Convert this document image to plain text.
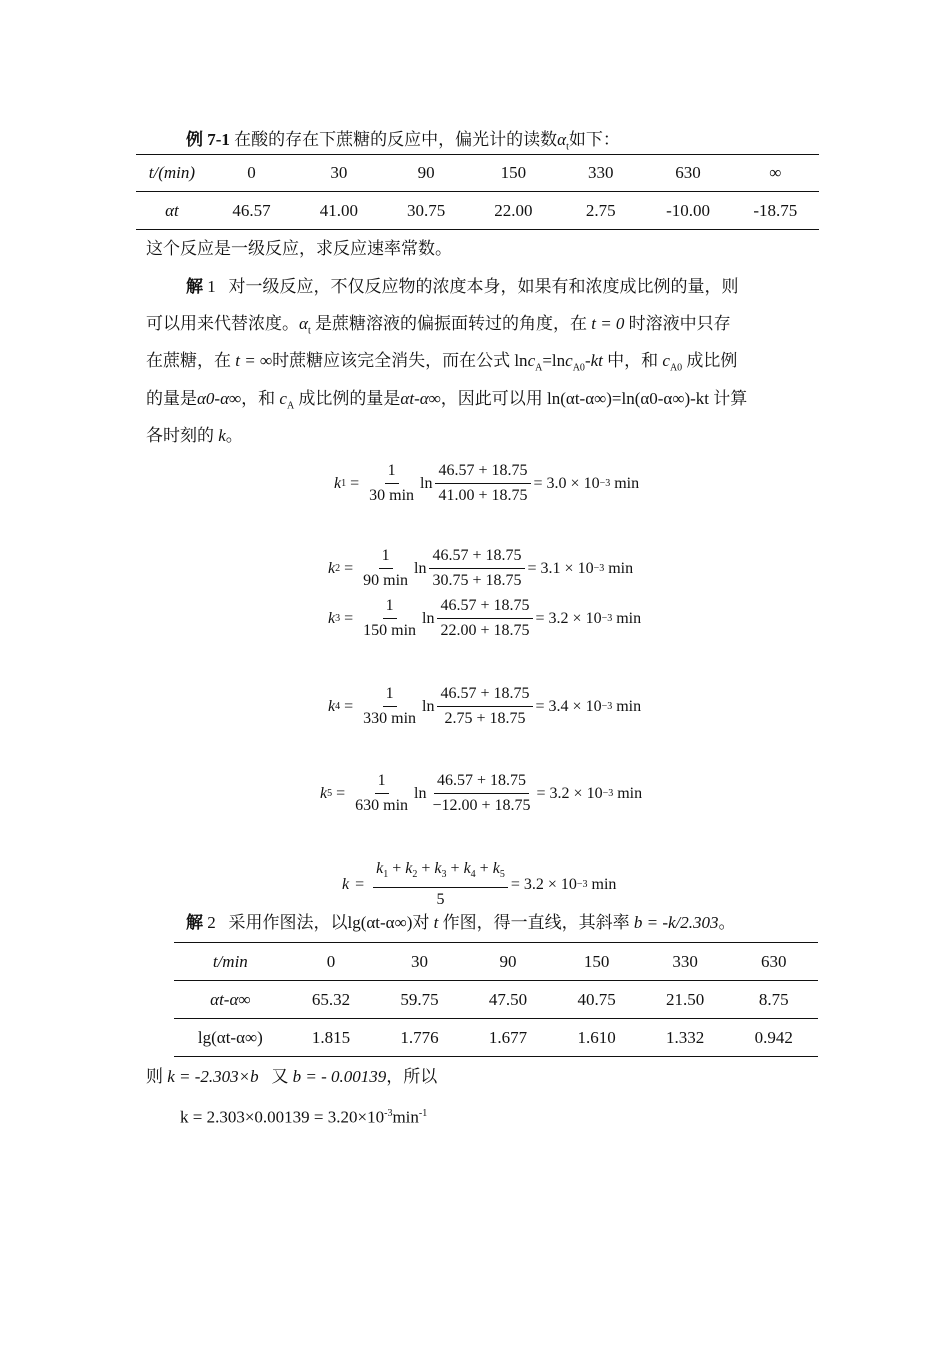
例 7-1 在酸的存在下蔗糖的反应中，偏光计的读数$\alpha_t$如下：
t/(min)	0	30	90	150	330	630	∞
αt	46.57	41.00	30.75	22.00	2.75	-10.00	-18.75
这个反应是一级反应，求反应速率常数。
解 1 对一级反应，不仅反应物的浓度本身，如果有和浓度成比例的量，则
可以用来代替浓度。$\alpha_t$ 是蔗糖溶液的偏振面转过的角度，在 t = 0 时溶液中只存
在蔗糖，在 t = ∞时蔗糖应该完全消失，而在公式 lnc$_A$=lnc$_{A0}$-kt 中，和 $c_{A0}$ 成比例
的量是α0-α∞，和 $c_A$ 成比例的量是αt-α∞，因此可以用 ln(αt-α∞)=ln(α0-α∞)-kt 计算
各时刻的 k。
k $1 = \frac{1}{30 \min}$ $\ln \frac{46.57 + 18.75}{41.00 + 18.75} = 3.0 \times 10 -3$
min
k $2 = \frac{1}{90 \min}$ $\ln \frac{46.57 + 18.75}{30.75 + 18.75} = 3.1 \times 10 -3$
min
k $3 = \frac{1}{150 \min}$ $\ln \frac{46.57 + 18.75}{22.00 + 18.75} = 3.2 \times 10 -3$
min
k $4 = \frac{1}{330 \min}$ $\ln \frac{46.57 + 18.75}{2.75 + 18.75} = 3.4 \times 10 -3$
min
k $5 = \frac{1}{630 \min}$ $\ln \frac{46.57 + 18.75}{-12.00 + 18.75} = 3.2 \times 10 -3$
min
$k = \frac{k_1 + k_2 + k_3 + k_4 + k_5}{5} = 3.2 \times 10 -3$
min
解 2 采用作图法，以lg(αt-α∞)对 t 作图，得一直线，其斜率 b = -k/2.303。
t/min	0	30	90	150	330	630
αt-α∞	65.32	59.75	47.50	40.75	21.50	8.75
lg(αt-α∞)	1.815	1.776	1.677	1.610	1.332	0.942
则 k = -2.303×b 又 b = - 0.00139，所以
$k = 2.303\times 0.00139 = 3.20\times 10^{-3}\min^{-1}$
